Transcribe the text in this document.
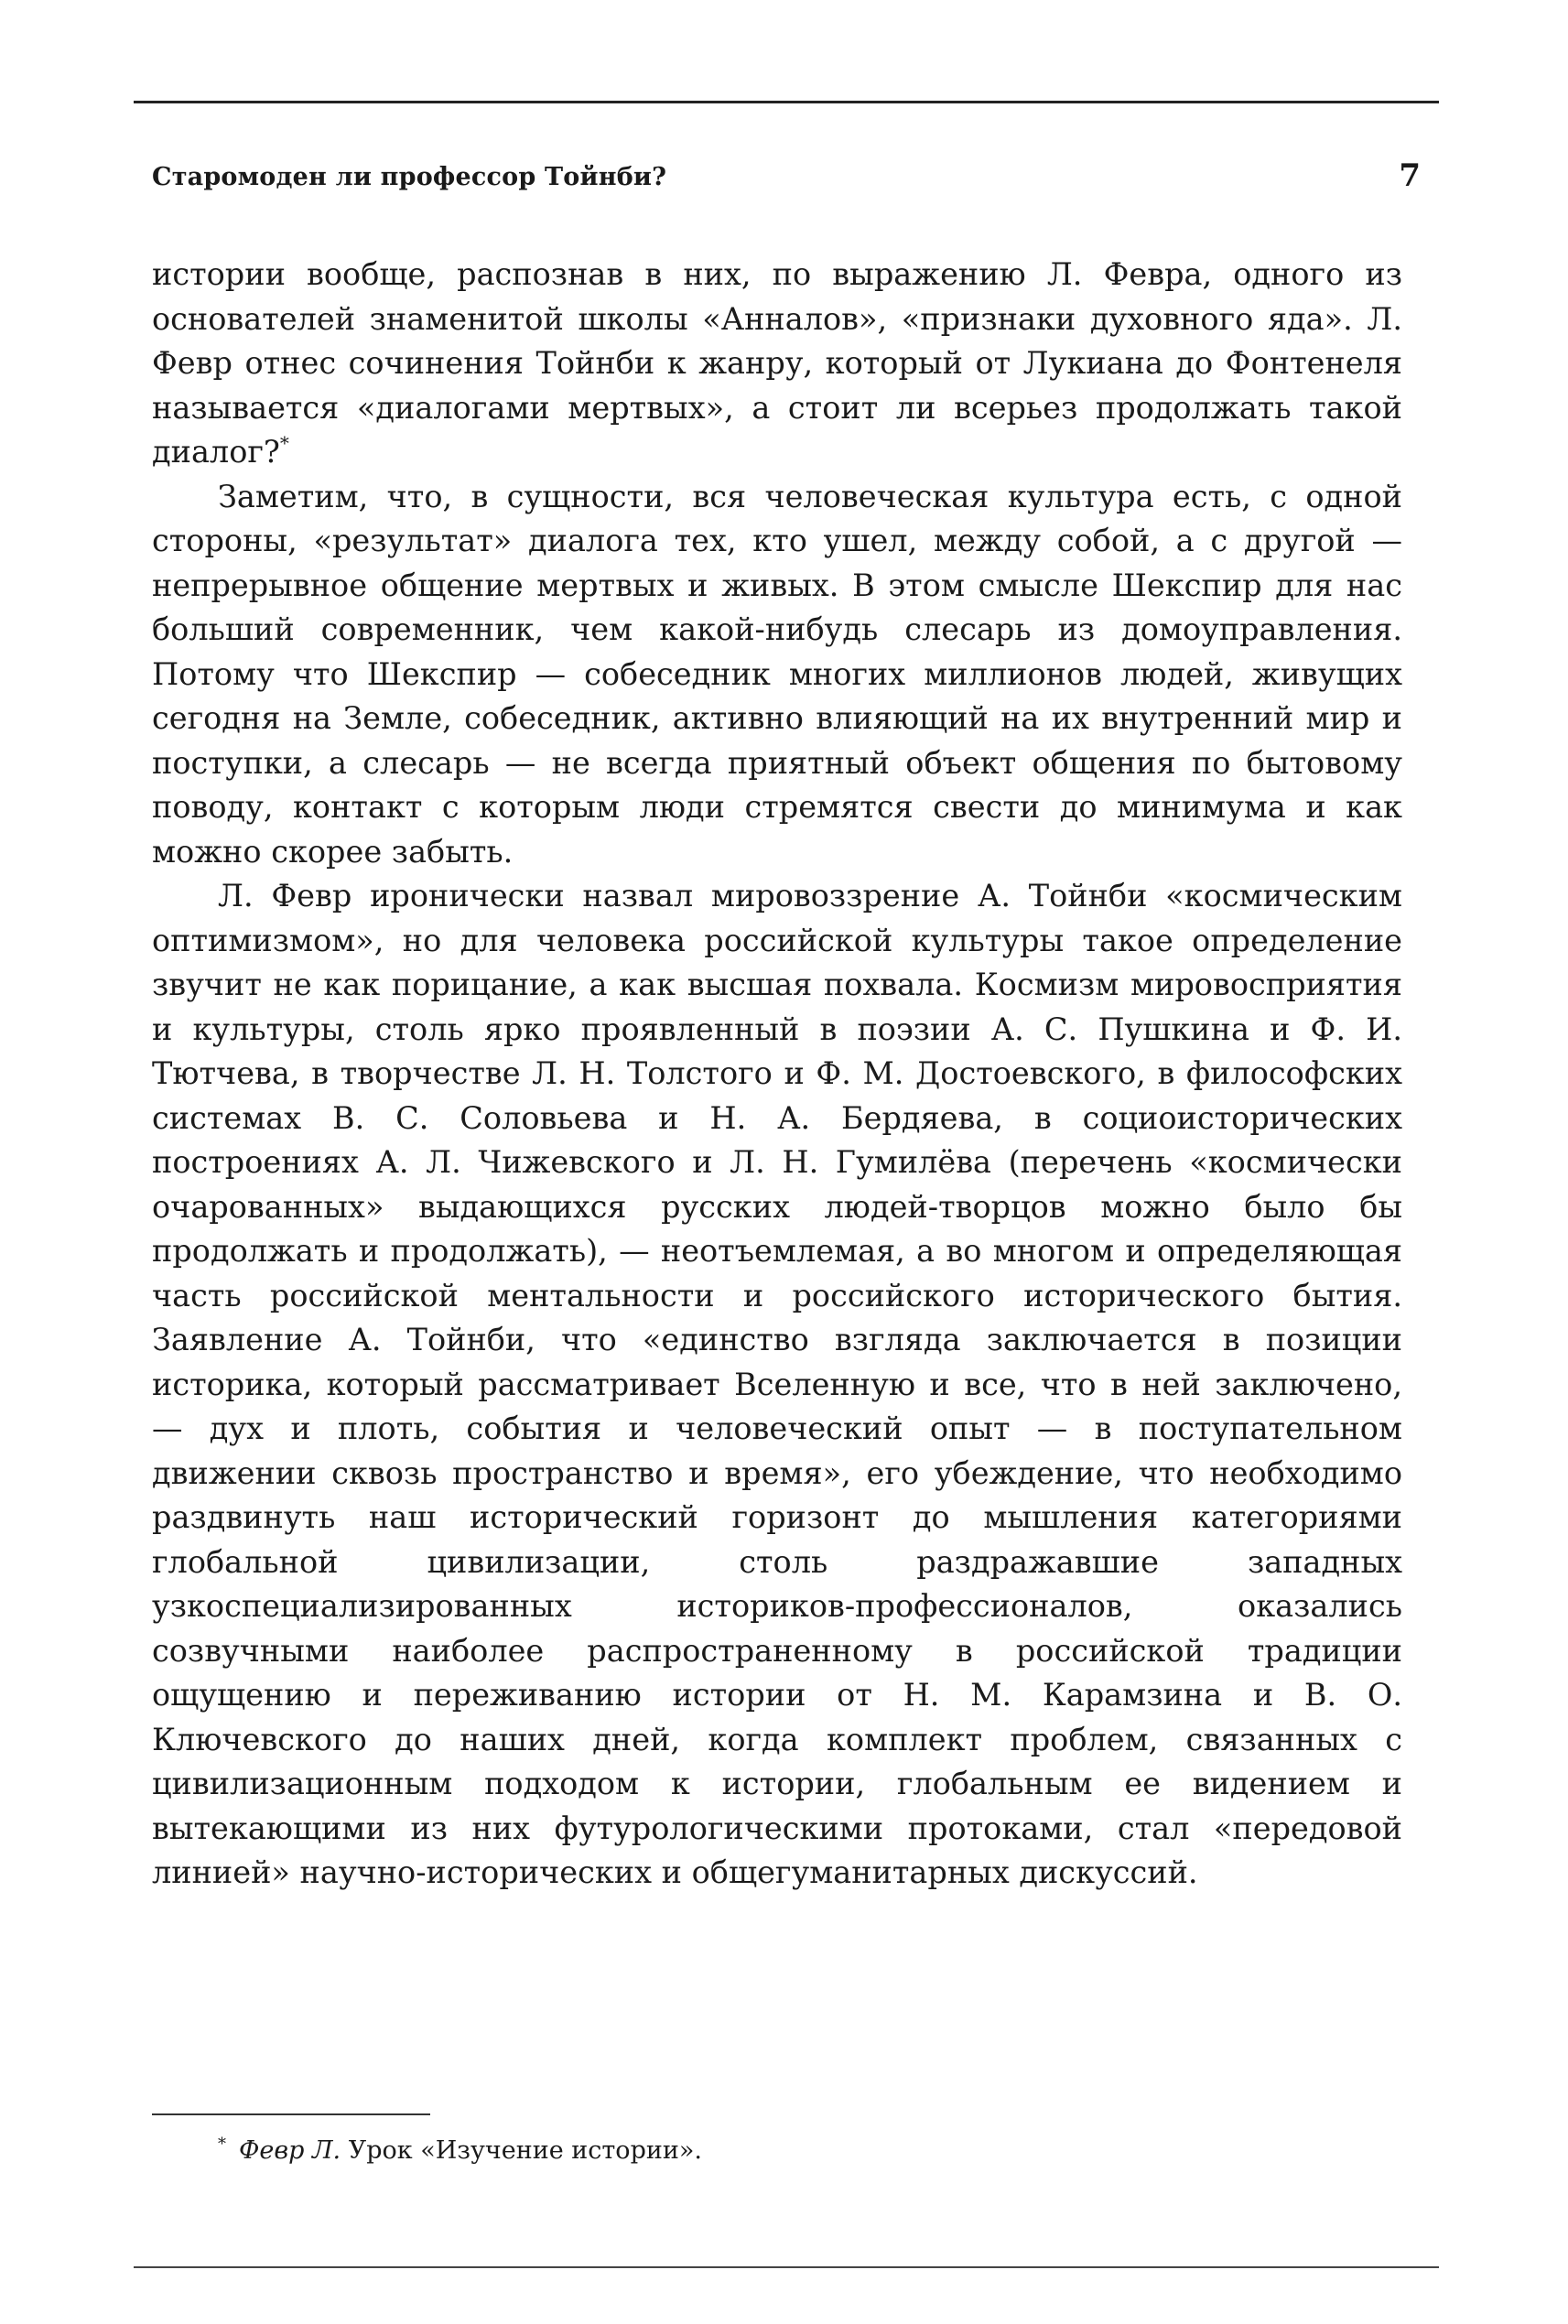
Старомоден ли профессор Тойнби?	7

истории вообще, распознав в них, по выражению Л. Февра, одного из основателей знаменитой школы «Анналов», «признаки духовного яда». Л. Февр отнес сочинения Тойнби к жанру, который от Лукиана до Фонтенеля называется «диалогами мертвых», а стоит ли всерьез продолжать такой диалог?*

Заметим, что, в сущности, вся человеческая культура есть, с одной стороны, «результат» диалога тех, кто ушел, между собой, а с другой — непрерывное общение мертвых и живых. В этом смысле Шекспир для нас больший современник, чем какой-нибудь слесарь из домоуправления. Потому что Шекспир — собеседник многих миллионов людей, живущих сегодня на Земле, собеседник, активно влияющий на их внутренний мир и поступки, а слесарь — не всегда приятный объект общения по бытовому поводу, контакт с которым люди стремятся свести до минимума и как можно скорее забыть.

Л. Февр иронически назвал мировоззрение А. Тойнби «космическим оптимизмом», но для человека российской культуры такое определение звучит не как порицание, а как высшая похвала. Космизм мировосприятия и культуры, столь ярко проявленный в поэзии А. С. Пушкина и Ф. И. Тютчева, в творчестве Л. Н. Толстого и Ф. М. Достоевского, в философских системах В. С. Соловьева и Н. А. Бердяева, в социоисторических построениях А. Л. Чижевского и Л. Н. Гумилёва (перечень «космически очарованных» выдающихся русских людей-творцов можно было бы продолжать и продолжать), — неотъемлемая, а во многом и определяющая часть российской ментальности и российского исторического бытия. Заявление А. Тойнби, что «единство взгляда заключается в позиции историка, который рассматривает Вселенную и все, что в ней заключено, — дух и плоть, события и человеческий опыт — в поступательном движении сквозь пространство и время», его убеждение, что необходимо раздвинуть наш исторический горизонт до мышления категориями глобальной цивилизации, столь раздражавшие западных узкоспециализированных историков-профессионалов, оказались созвучными наиболее распространенному в российской традиции ощущению и переживанию истории от Н. М. Карамзина и В. О. Ключевского до наших дней, когда комплект проблем, связанных с цивилизационным подходом к истории, глобальным ее видением и вытекающими из них футурологическими протоками, стал «передовой линией» научно-исторических и общегуманитарных дискуссий.

* Февр Л. Урок «Изучение истории».
